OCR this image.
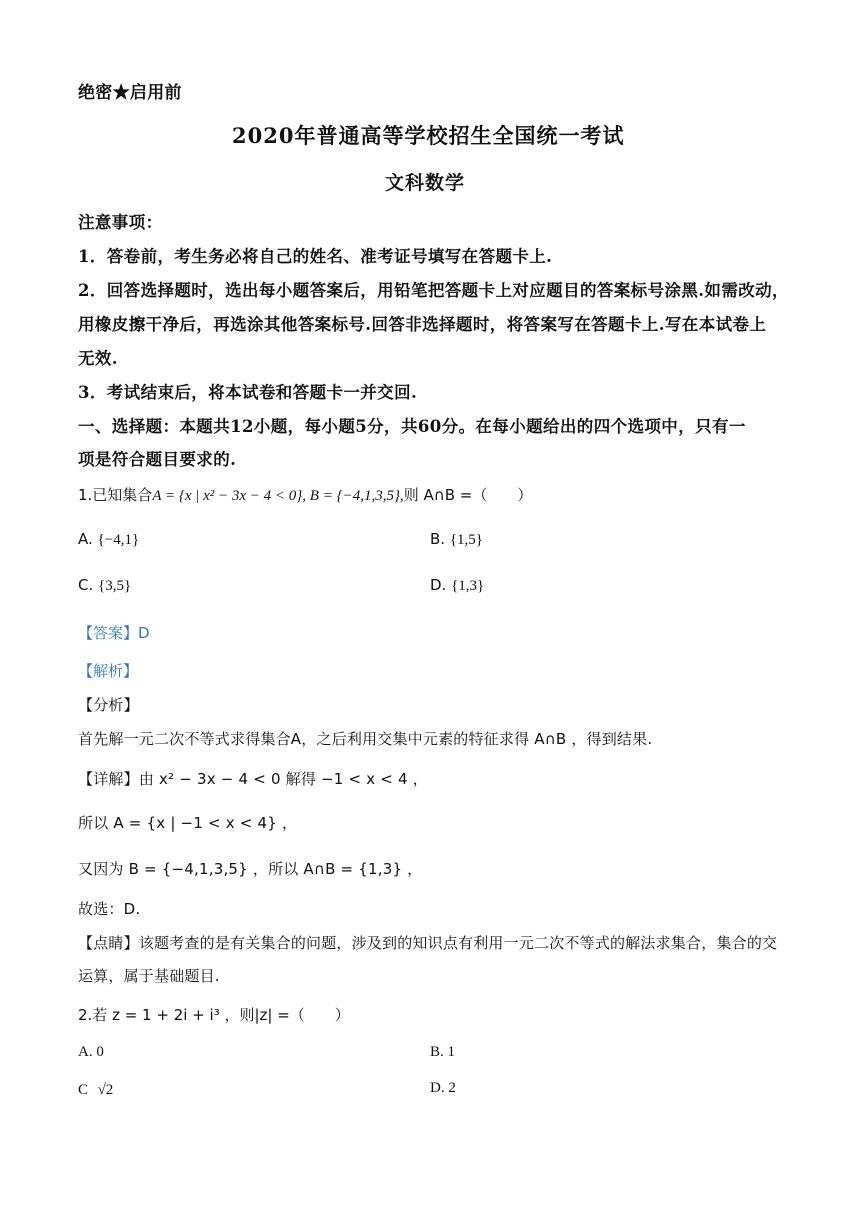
绝密★启用前
2020年普通高等学校招生全国统一考试
文科数学
注意事项：
1．答卷前，考生务必将自己的姓名、准考证号填写在答题卡上.
2．回答选择题时，选出每小题答案后，用铅笔把答题卡上对应题目的答案标号涂黑.如需改动，
用橡皮擦干净后，再选涂其他答案标号.回答非选择题时，将答案写在答题卡上.写在本试卷上
无效.
3．考试结束后，将本试卷和答题卡一并交回.
一、选择题：本题共12小题，每小题5分，共60分。在每小题给出的四个选项中，只有一
项是符合题目要求的.
1.已知集合A = {x | x² − 3x − 4 < 0}, B = {−4,1,3,5},则 A∩B =（　　）
A. {−4,1}	B. {1,5}
C. {3,5}	D. {1,3}
【答案】D
【解析】
【分析】
首先解一元二次不等式求得集合A，之后利用交集中元素的特征求得 A∩B ，得到结果.
【详解】由 x² − 3x − 4 < 0 解得 −1 < x < 4 ，
所以 A = {x | −1 < x < 4} ，
又因为 B = {−4,1,3,5} ，所以 A∩B = {1,3} ，
故选：D.
【点睛】该题考查的是有关集合的问题，涉及到的知识点有利用一元二次不等式的解法求集合，集合的交
运算，属于基础题目.
2.若 z = 1 + 2i + i³ ，则|z| =（　　）
A. 0	B. 1
C √2	D. 2
